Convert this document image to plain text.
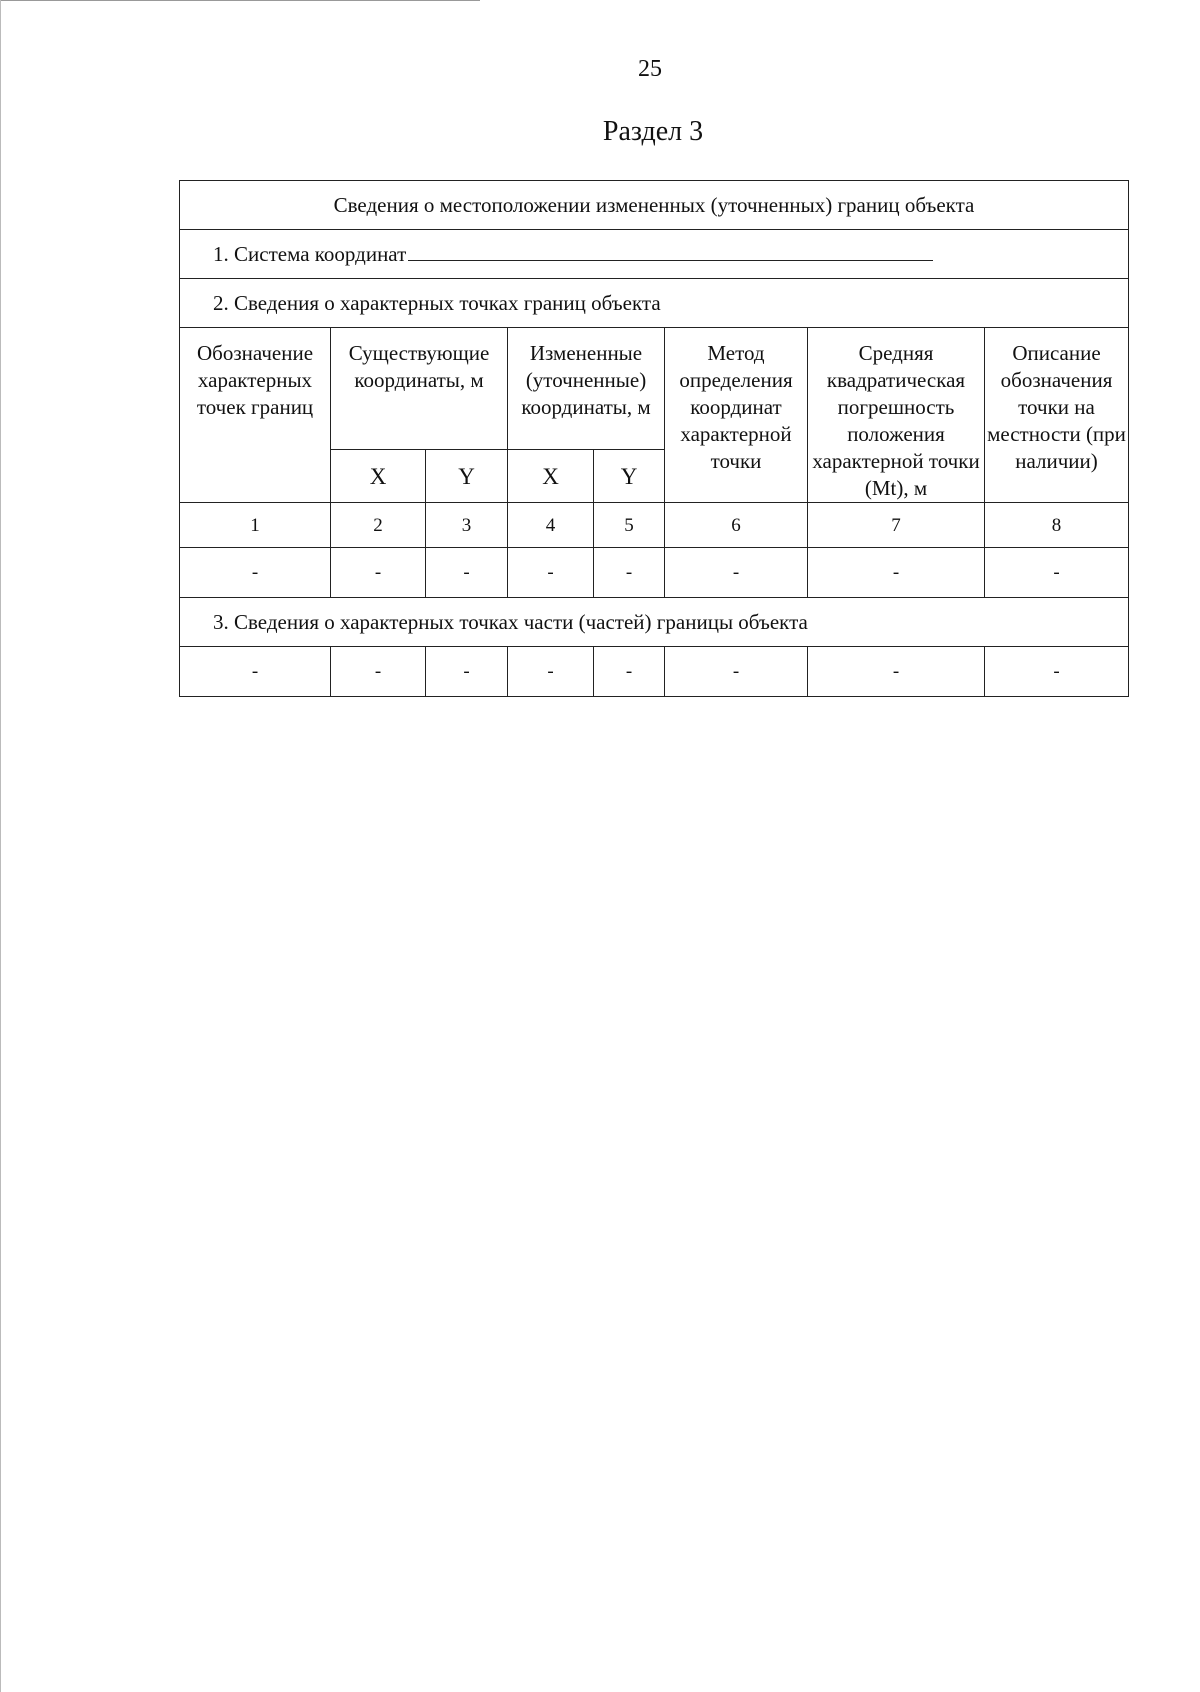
25
Раздел 3
Сведения о местоположении измененных (уточненных) границ объекта							
1. Система координат							
2. Сведения о характерных точках границ объекта							
Обозначение характерных точек границ	Существующие координаты, м		Измененные (уточненные) координаты, м		Метод определения координат характерной точки	Средняя квадратическая погрешность положения характерной точки (Mt), м	Описание обозначения точки на местности (при наличии)
	X	Y	X	Y			
1	2	3	4	5	6	7	8
-	-	-	-	-	-	-	-
3. Сведения о характерных точках части (частей) границы объекта							
-	-	-	-	-	-	-	-
